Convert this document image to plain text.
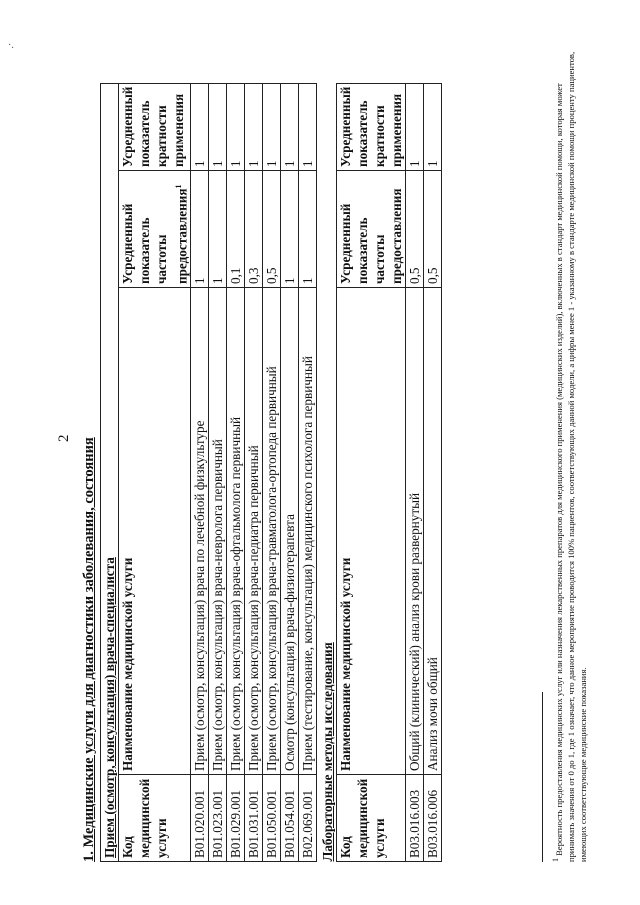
·.
2 1. Медицинские услуги для диагностики заболевания, состояния Прием (осмотр, консультация) врача-специалиста			
Код медицинской услуги	Наименование медицинской услуги	Усредненный показатель частоты предоставления$^1$	Усредненный показатель кратности применения
B01.020.001	Прием (осмотр, консультация) врача по лечебной физкультуре	1	1
B01.023.001	Прием (осмотр, консультация) врача-невролога первичный	1	1
B01.029.001	Прием (осмотр, консультация) врача-офтальмолога первичный	0,1	1
B01.031.001	Прием (осмотр, консультация) врача-педиатра первичный	0,3	1
B01.050.001	Прием (осмотр, консультация) врача-травматолога-ортопеда первичный	0,5	1
B01.054.001	Осмотр (консультация) врача-физиотерапевта	1	1
B02.069.001	Прием (тестирование, консультация) медицинского психолога первичный	1	1
Лабораторные методы исследования			
Код медицинской услуги	Наименование медицинской услуги	Усредненный показатель частоты предоставления	Усредненный показатель кратности применения
B03.016.003	Общий (клинический) анализ крови развернутый	0,5	1
B03.016.006	Анализ мочи общий	0,5	1
$^1$ Вероятность предоставления медицинских услуг или назначения лекарственных препаратов для медицинского применения (медицинских изделий), включенных в стандарт медицинской помощи, которая может принимать значения от 0 до 1, где 1 означает, что данное мероприятие проводится 100% пациентов, соответствующих данной модели, а цифры менее 1 - указанному в стандарте медицинской помощи проценту пациентов, имеющих соответствующие медицинские показания.
